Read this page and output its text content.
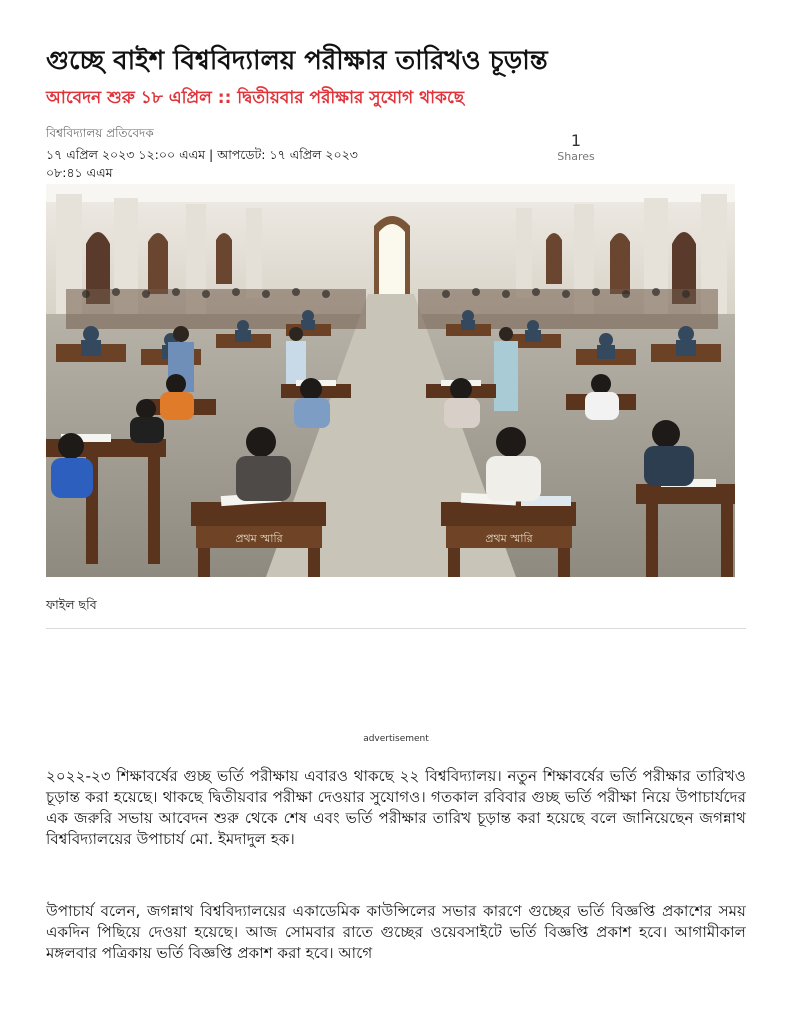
গুচ্ছে বাইশ বিশ্ববিদ্যালয় পরীক্ষার তারিখও চূড়ান্ত
আবেদন শুরু ১৮ এপ্রিল :: দ্বিতীয়বার পরীক্ষার সুযোগ থাকছে
বিশ্ববিদ্যালয় প্রতিবেদক
১৭ এপ্রিল ২০২৩ ১২:০০ এএম | আপডেট: ১৭ এপ্রিল ২০২৩ ০৮:৪১ এএম
1
Shares
প্রথম স্মারি	প্রথম স্মারি
ফাইল ছবি
advertisement

২০২২-২৩ শিক্ষাবর্ষের গুচ্ছ ভর্তি পরীক্ষায় এবারও থাকছে ২২ বিশ্ববিদ্যালয়। নতুন শিক্ষাবর্ষের ভর্তি পরীক্ষার তারিখও চূড়ান্ত করা হয়েছে। থাকছে দ্বিতীয়বার পরীক্ষা দেওয়ার সুযোগও। গতকাল রবিবার গুচ্ছ ভর্তি পরীক্ষা নিয়ে উপাচার্যদের এক জরুরি সভায় আবেদন শুরু থেকে শেষ এবং ভর্তি পরীক্ষার তারিখ চূড়ান্ত করা হয়েছে বলে জানিয়েছেন জগন্নাথ বিশ্ববিদ্যালয়ের উপাচার্য মো. ইমদাদুল হক।

উপাচার্য বলেন, জগন্নাথ বিশ্ববিদ্যালয়ের একাডেমিক কাউন্সিলের সভার কারণে গুচ্ছের ভর্তি বিজ্ঞপ্তি প্রকাশের সময় একদিন পিছিয়ে দেওয়া হয়েছে। আজ সোমবার রাতে গুচ্ছের ওয়েবসাইটে ভর্তি বিজ্ঞপ্তি প্রকাশ হবে। আগামীকাল মঙ্গলবার পত্রিকায় ভর্তি বিজ্ঞপ্তি প্রকাশ করা হবে। আগে
